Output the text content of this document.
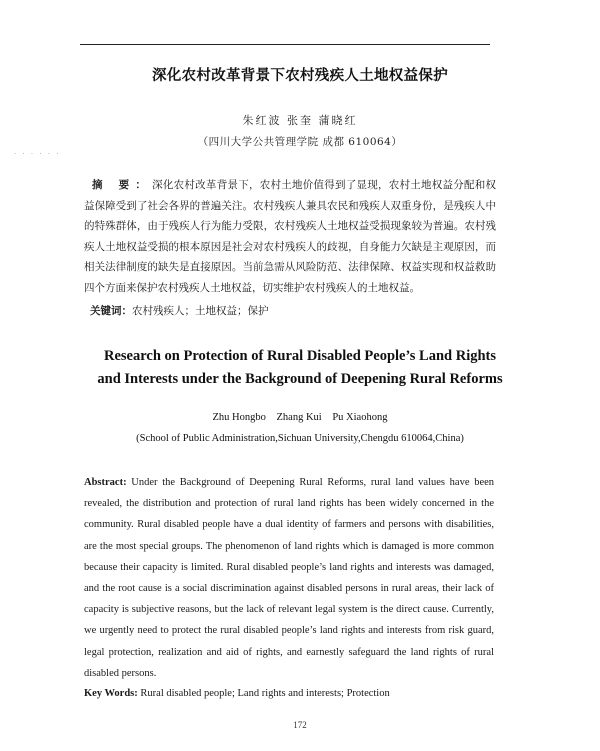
· · · · · ·
深化农村改革背景下农村残疾人土地权益保护
朱红波 张奎 蒲晓红
（四川大学公共管理学院 成都 610064）
摘 要：深化农村改革背景下，农村土地价值得到了显现，农村土地权益分配和权益保障受到了社会各界的普遍关注。农村残疾人兼具农民和残疾人双重身份，是残疾人中的特殊群体，由于残疾人行为能力受限，农村残疾人土地权益受损现象较为普遍。农村残疾人土地权益受损的根本原因是社会对农村残疾人的歧视，自身能力欠缺是主观原因，而相关法律制度的缺失是直接原因。当前急需从风险防范、法律保障、权益实现和权益救助四个方面来保护农村残疾人土地权益，切实维护农村残疾人的土地权益。
关键词：农村残疾人；土地权益；保护
Research on Protection of Rural Disabled People’s Land Rights
and Interests under the Background of Deepening Rural Reforms
Zhu Hongbo Zhang Kui Pu Xiaohong
(School of Public Administration,Sichuan University,Chengdu 610064,China)
Abstract: Under the Background of Deepening Rural Reforms, rural land values have been revealed, the distribution and protection of rural land rights has been widely concerned in the community. Rural disabled people have a dual identity of farmers and persons with disabilities, are the most special groups. The phenomenon of land rights which is damaged is more common because their capacity is limited. Rural disabled people’s land rights and interests was damaged, and the root cause is a social discrimination against disabled persons in rural areas, their lack of capacity is subjective reasons, but the lack of relevant legal system is the direct cause. Currently, we urgently need to protect the rural disabled people’s land rights and interests from risk guard, legal protection, realization and aid of rights, and earnestly safeguard the land rights of rural disabled persons.
Key Words: Rural disabled people; Land rights and interests; Protection
172
